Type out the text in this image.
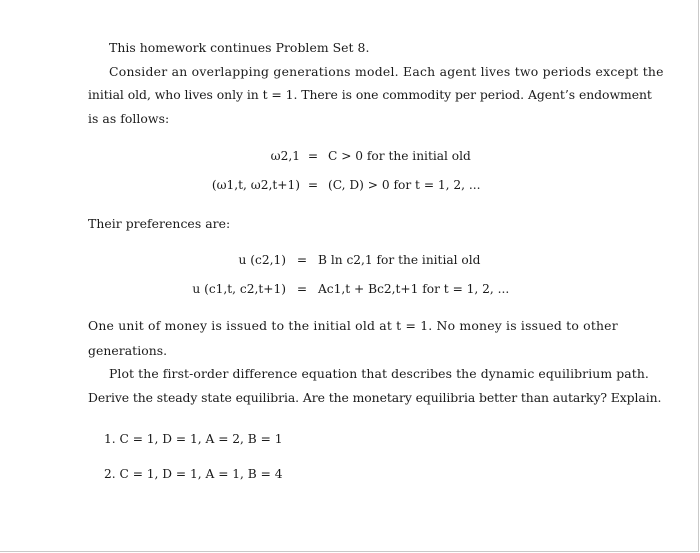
This homework continues Problem Set 8.
Consider an overlapping generations model. Each agent lives two periods except the
initial old, who lives only in t = 1. There is one commodity per period. Agent’s endowment
is as follows:
ω2,1 = C > 0 for the initial old
(ω1,t, ω2,t+1) = (C, D) > 0 for t = 1, 2, ...
Their preferences are:
u (c2,1) = B ln c2,1 for the initial old
u (c1,t, c2,t+1) = Ac1,t + Bc2,t+1 for t = 1, 2, ...
One unit of money is issued to the initial old at t = 1. No money is issued to other
generations.
Plot the first-order difference equation that describes the dynamic equilibrium path.
Derive the steady state equilibria. Are the monetary equilibria better than autarky? Explain.
1. C = 1, D = 1, A = 2, B = 1
2. C = 1, D = 1, A = 1, B = 4
